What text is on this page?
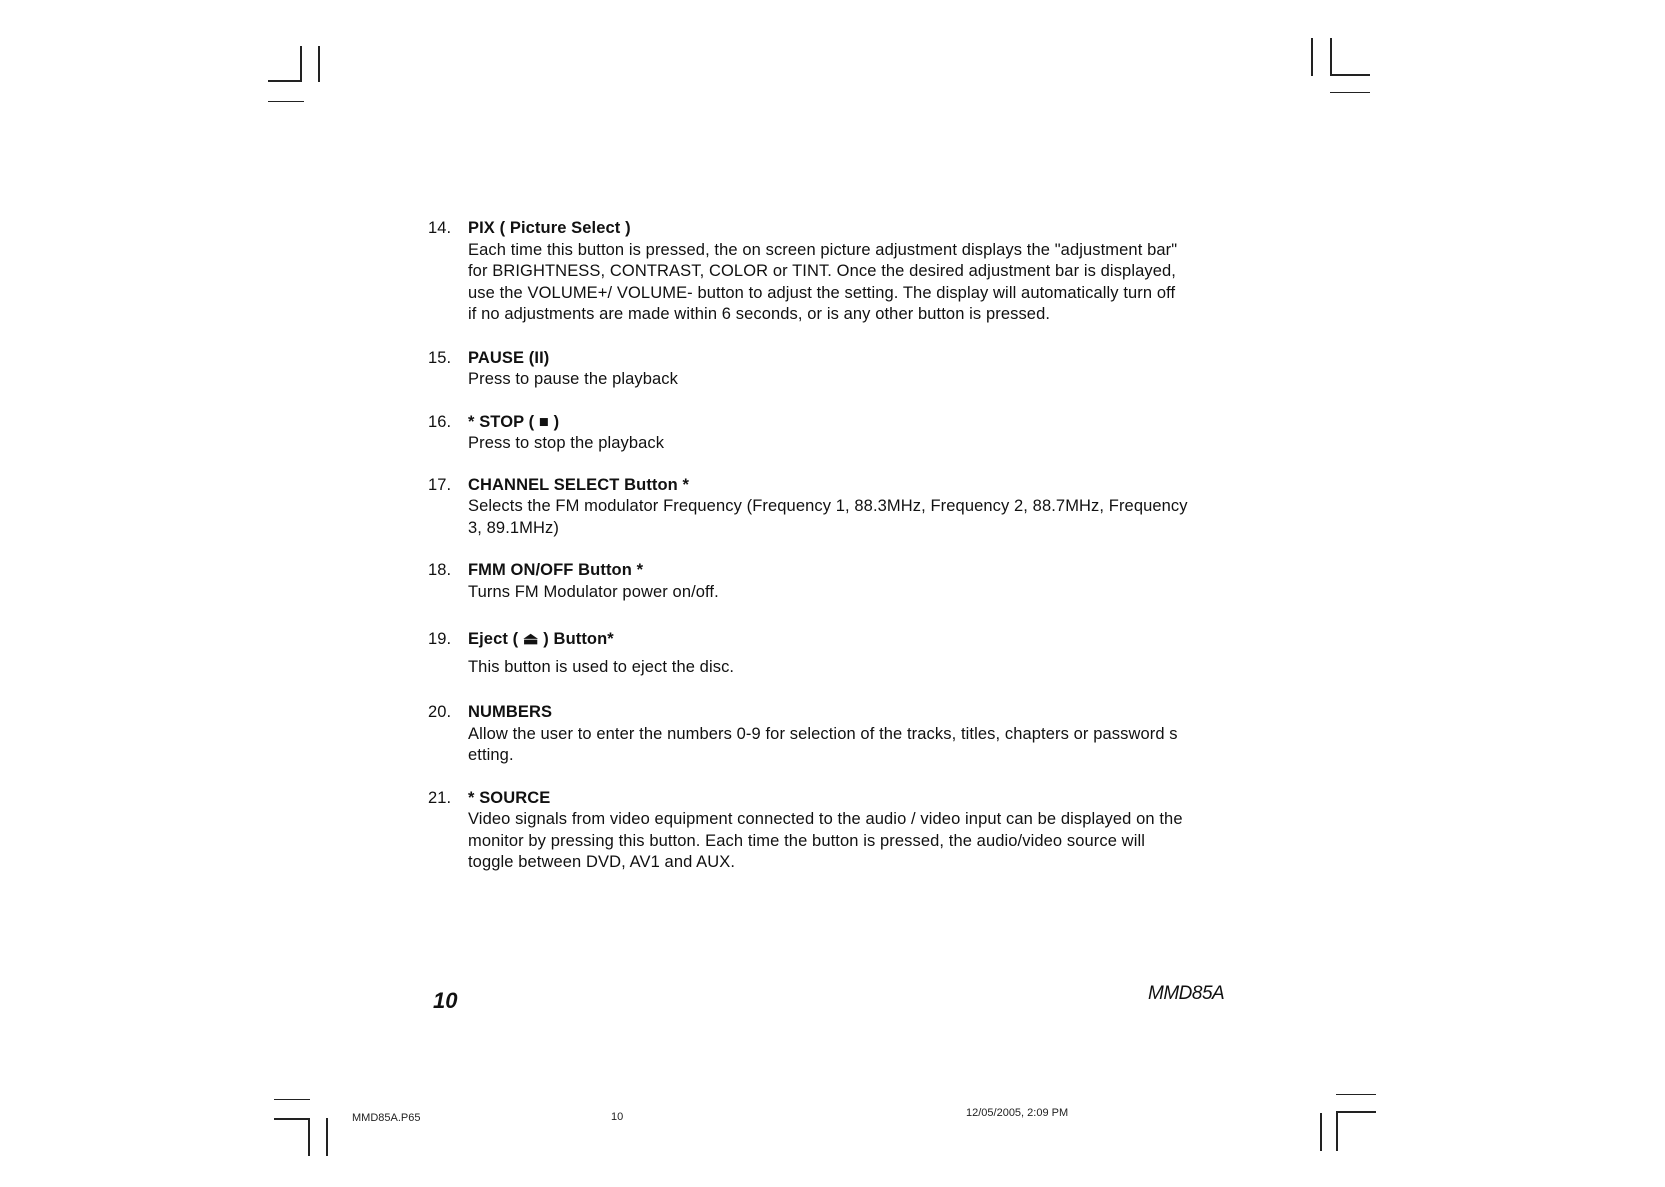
14. PIX ( Picture Select )

Each time this button is pressed, the on screen picture adjustment displays the "adjustment bar" for BRIGHTNESS, CONTRAST, COLOR or TINT. Once the desired adjustment bar is displayed, use the VOLUME+/ VOLUME- button to adjust the setting. The display will automatically turn off if no adjustments are made within 6 seconds, or is any other button is pressed.

15. PAUSE (II)

Press to pause the playback

16. * STOP ( ■ )

Press to stop the playback

17. CHANNEL SELECT Button *

Selects the FM modulator Frequency (Frequency 1, 88.3MHz, Frequency 2, 88.7MHz, Frequency 3, 89.1MHz)

18. FMM ON/OFF Button *

Turns FM Modulator power on/off.

19. Eject ( ⏏ ) Button*

This button is used to eject the disc.

20. NUMBERS

Allow the user to enter the numbers 0-9 for selection of the tracks, titles, chapters or password s etting.

21. * SOURCE

Video signals from video equipment connected to the audio / video input can be displayed on the monitor by pressing this button. Each time the button is pressed, the audio/video source will toggle between DVD, AV1 and AUX.

10	MMD85A
MMD85A.P65	10	12/05/2005, 2:09 PM
